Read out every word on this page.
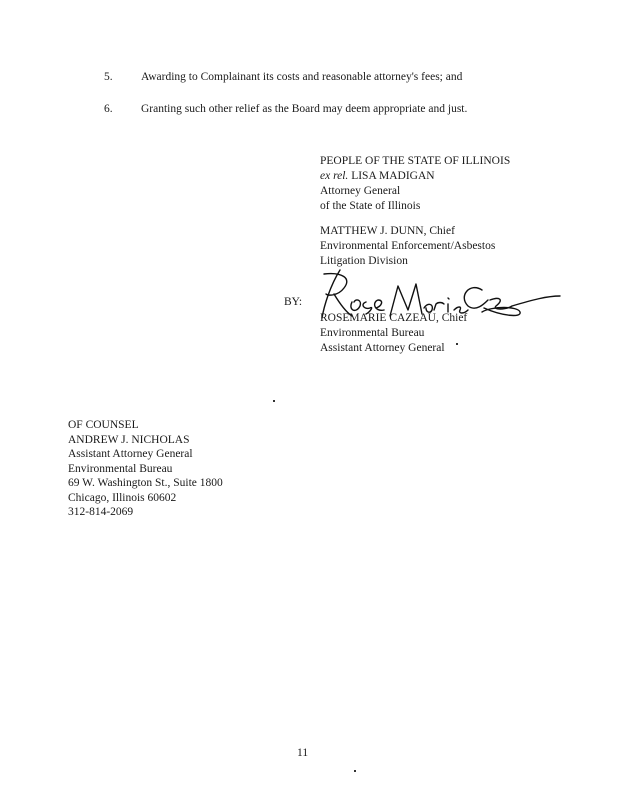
5. Awarding to Complainant its costs and reasonable attorney's fees; and
6. Granting such other relief as the Board may deem appropriate and just.
PEOPLE OF THE STATE OF ILLINOIS
ex rel. LISA MADIGAN
Attorney General
of the State of Illinois
MATTHEW J. DUNN, Chief
Environmental Enforcement/Asbestos
Litigation Division
BY:
ROSEMARIE CAZEAU, Chief
Environmental Bureau
Assistant Attorney General
OF COUNSEL
ANDREW J. NICHOLAS
Assistant Attorney General
Environmental Bureau
69 W. Washington St., Suite 1800
Chicago, Illinois 60602
312-814-2069
11
